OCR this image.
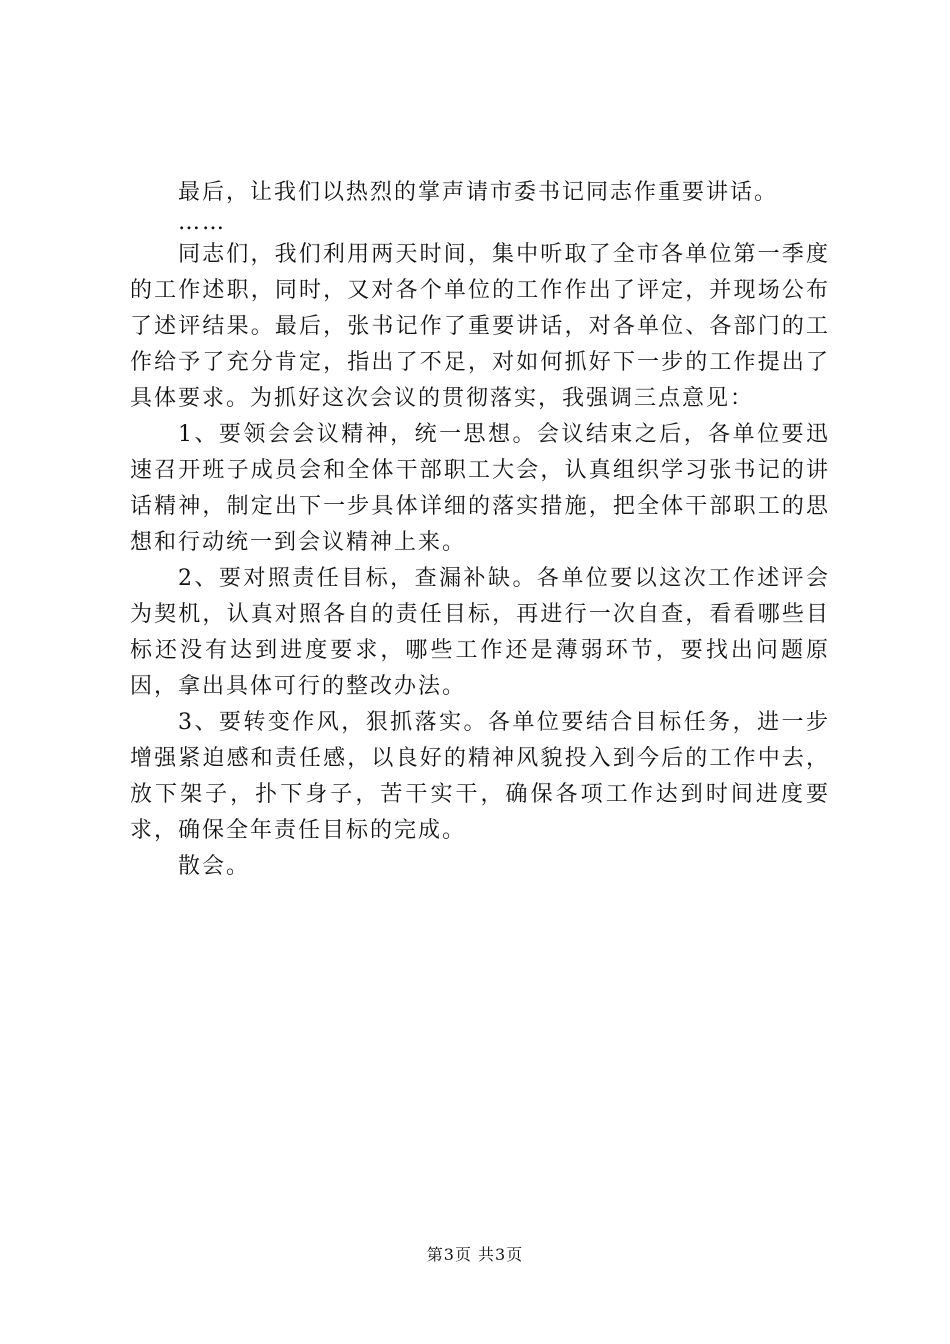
最后，让我们以热烈的掌声请市委书记同志作重要讲话。

……

同志们，我们利用两天时间，集中听取了全市各单位第一季度的工作述职，同时，又对各个单位的工作作出了评定，并现场公布了述评结果。最后，张书记作了重要讲话，对各单位、各部门的工作给予了充分肯定，指出了不足，对如何抓好下一步的工作提出了具体要求。为抓好这次会议的贯彻落实，我强调三点意见：

1、要领会会议精神，统一思想。会议结束之后，各单位要迅速召开班子成员会和全体干部职工大会，认真组织学习张书记的讲话精神，制定出下一步具体详细的落实措施，把全体干部职工的思想和行动统一到会议精神上来。

2、要对照责任目标，查漏补缺。各单位要以这次工作述评会为契机，认真对照各自的责任目标，再进行一次自查，看看哪些目标还没有达到进度要求，哪些工作还是薄弱环节，要找出问题原因，拿出具体可行的整改办法。

3、要转变作风，狠抓落实。各单位要结合目标任务，进一步增强紧迫感和责任感，以良好的精神风貌投入到今后的工作中去，放下架子，扑下身子，苦干实干，确保各项工作达到时间进度要求，确保全年责任目标的完成。

散会。

第3页 共3页
